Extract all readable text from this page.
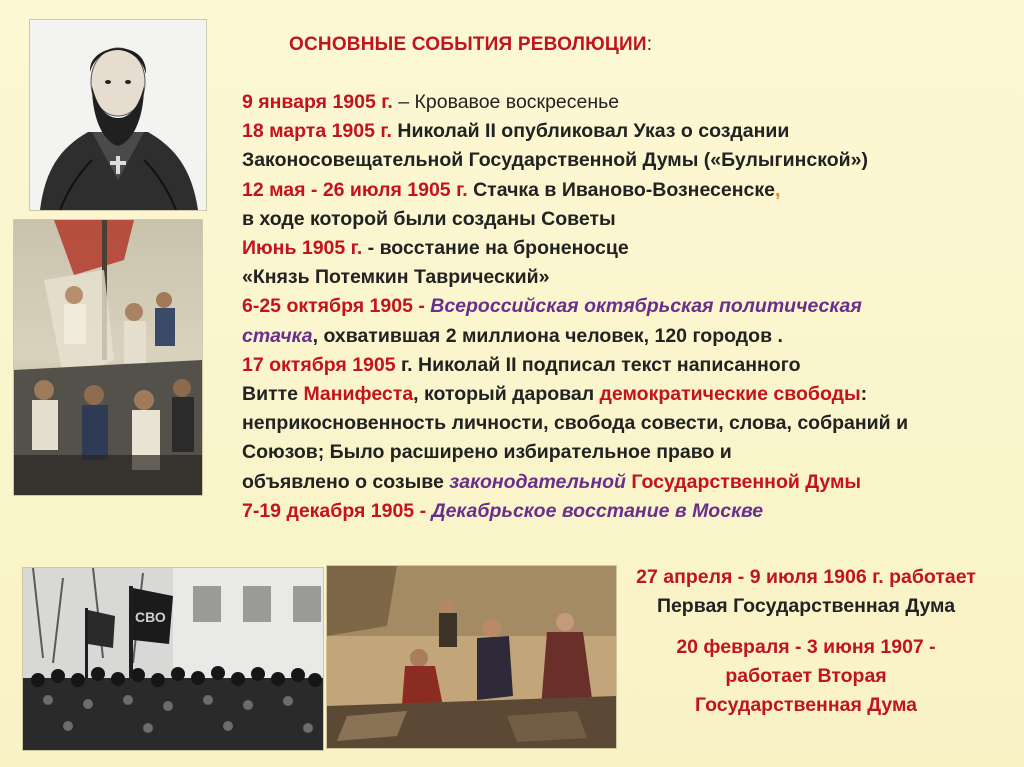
ОСНОВНЫЕ СОБЫТИЯ РЕВОЛЮЦИИ:
СВО
9 января 1905 г. – Кровавое воскресенье
18 марта 1905 г. Николай II опубликовал Указ о создании
Законосовещательной Государственной Думы («Булыгинской»)
12 мая - 26 июля 1905 г. Стачка в Иваново-Вознесенске,
в ходе которой были созданы Советы
Июнь 1905 г. - восстание на броненосце
«Князь Потемкин Таврический»
6-25 октября 1905 - Всероссийская октябрьская политическая
стачка, охватившая 2 миллиона человек, 120 городов .
17 октября 1905 г. Николай II подписал текст написанного
Витте Манифеста, который даровал демократические свободы:
неприкосновенность личности, свобода совести, слова, собраний и
Союзов; Было расширено избирательное право и
объявлено о созыве законодательной Государственной Думы
7-19 декабря 1905 - Декабрьское восстание в Москве
27 апреля - 9 июля 1906 г. работает
Первая Государственная Дума
20 февраля - 3 июня 1907 -
работает Вторая
Государственная Дума
